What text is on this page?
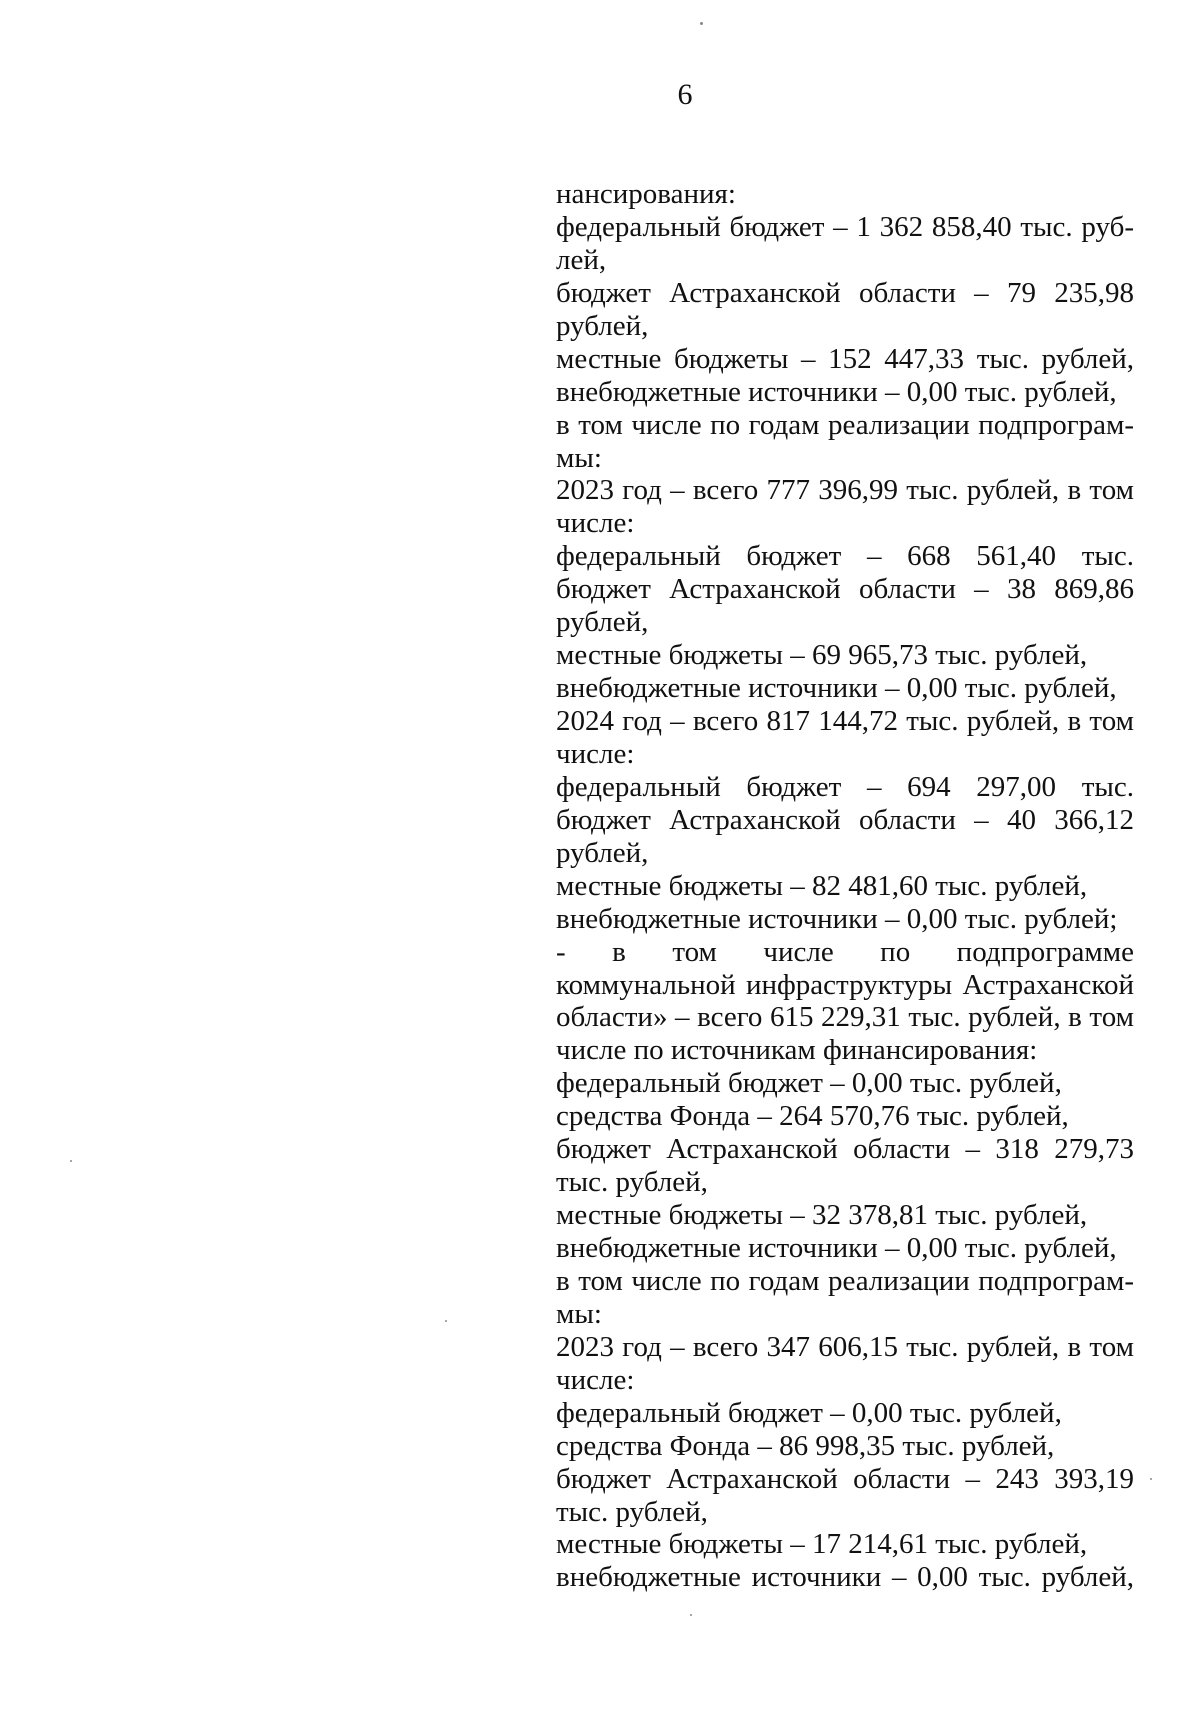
6
нансирования:
федеральный бюджет – 1 362 858,40 тыс. руб-
лей,
бюджет Астраханской области – 79 235,98
рублей,
местные бюджеты – 152 447,33 тыс. рублей,
внебюджетные источники – 0,00 тыс. рублей,
в том числе по годам реализации подпрограм-
мы:
2023 год – всего 777 396,99 тыс. рублей, в том
числе:
федеральный бюджет – 668 561,40 тыс.
бюджет Астраханской области – 38 869,86
рублей,
местные бюджеты – 69 965,73 тыс. рублей,
внебюджетные источники – 0,00 тыс. рублей,
2024 год – всего 817 144,72 тыс. рублей, в том
числе:
федеральный бюджет – 694 297,00 тыс.
бюджет Астраханской области – 40 366,12
рублей,
местные бюджеты – 82 481,60 тыс. рублей,
внебюджетные источники – 0,00 тыс. рублей;
- в том числе по подпрограмме
коммунальной инфраструктуры Астраханской
области» – всего 615 229,31 тыс. рублей, в том
числе по источникам финансирования:
федеральный бюджет – 0,00 тыс. рублей,
средства Фонда – 264 570,76 тыс. рублей,
бюджет Астраханской области – 318 279,73
тыс. рублей,
местные бюджеты – 32 378,81 тыс. рублей,
внебюджетные источники – 0,00 тыс. рублей,
в том числе по годам реализации подпрограм-
мы:
2023 год – всего 347 606,15 тыс. рублей, в том
числе:
федеральный бюджет – 0,00 тыс. рублей,
средства Фонда – 86 998,35 тыс. рублей,
бюджет Астраханской области – 243 393,19
тыс. рублей,
местные бюджеты – 17 214,61 тыс. рублей,
внебюджетные источники – 0,00 тыс. рублей,
